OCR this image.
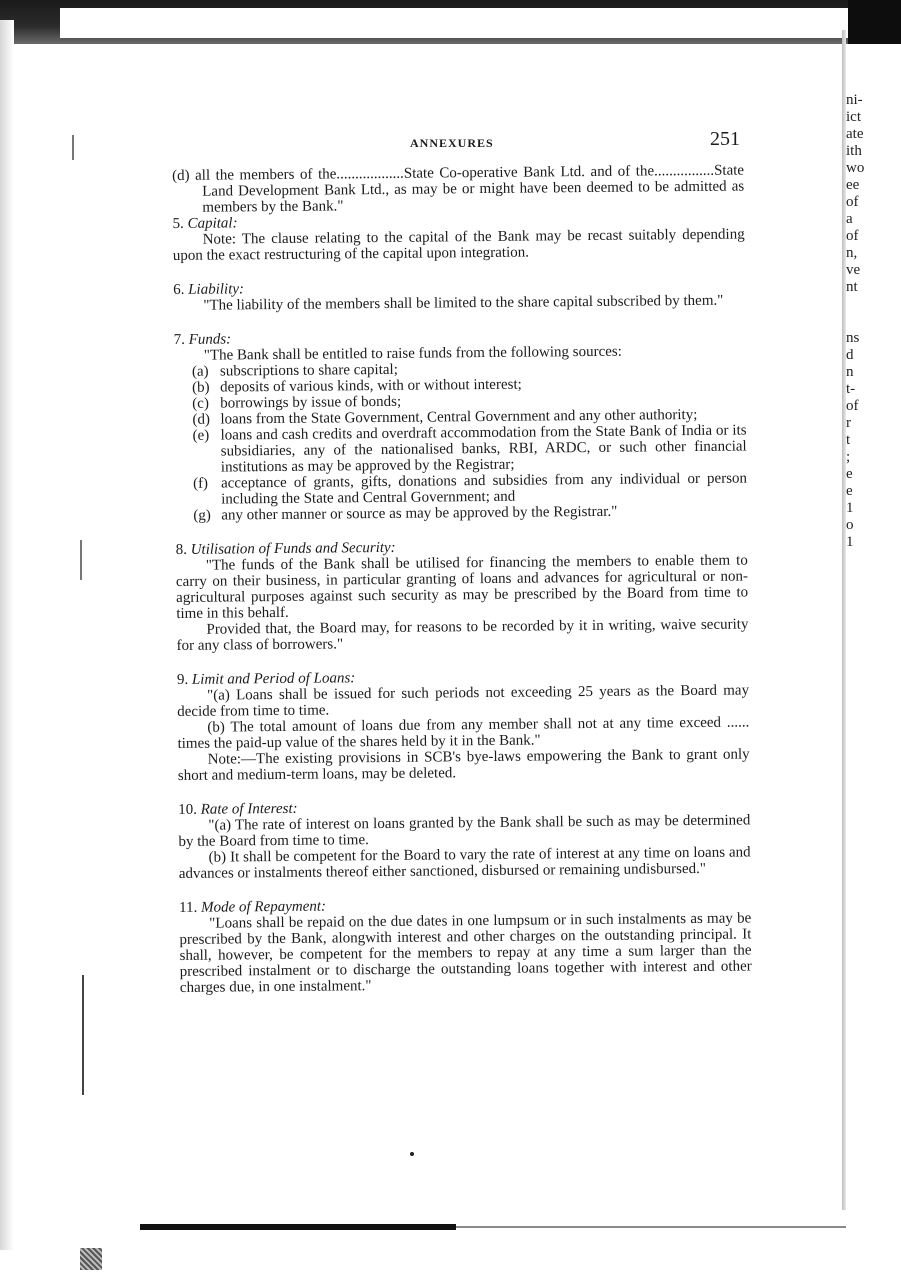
ni-
ict
ate
ith
wo
ee
of
a
of
n,
ve
nt
ns
d
n
t-
of
r
t
;
e
e
1
o
1
ANNEXURES	251

(d) all the members of the..................State Co-operative Bank Ltd. and of the................State Land Development Bank Ltd., as may be or might have been deemed to be admitted as members by the Bank."

5. Capital:

Note: The clause relating to the capital of the Bank may be recast suitably depending upon the exact restructuring of the capital upon integration.

6. Liability:

"The liability of the members shall be limited to the share capital subscribed by them."

7. Funds:

"The Bank shall be entitled to raise funds from the following sources:

(a) subscriptions to share capital;
(b) deposits of various kinds, with or without interest;
(c) borrowings by issue of bonds;
(d) loans from the State Government, Central Government and any other authority;
(e) loans and cash credits and overdraft accommodation from the State Bank of India or its subsidiaries, any of the nationalised banks, RBI, ARDC, or such other financial institutions as may be approved by the Registrar;
(f) acceptance of grants, gifts, donations and subsidies from any individual or person including the State and Central Government; and
(g) any other manner or source as may be approved by the Registrar."

8. Utilisation of Funds and Security:

"The funds of the Bank shall be utilised for financing the members to enable them to carry on their business, in particular granting of loans and advances for agricultural or non-agricultural purposes against such security as may be prescribed by the Board from time to time in this behalf.

Provided that, the Board may, for reasons to be recorded by it in writing, waive security for any class of borrowers."

9. Limit and Period of Loans:

"(a) Loans shall be issued for such periods not exceeding 25 years as the Board may decide from time to time.

(b) The total amount of loans due from any member shall not at any time exceed ...... times the paid-up value of the shares held by it in the Bank."

Note:—The existing provisions in SCB's bye-laws empowering the Bank to grant only short and medium-term loans, may be deleted.

10. Rate of Interest:

"(a) The rate of interest on loans granted by the Bank shall be such as may be determined by the Board from time to time.

(b) It shall be competent for the Board to vary the rate of interest at any time on loans and advances or instalments thereof either sanctioned, disbursed or remaining undisbursed."

11. Mode of Repayment:

"Loans shall be repaid on the due dates in one lumpsum or in such instalments as may be prescribed by the Bank, alongwith interest and other charges on the outstanding principal. It shall, however, be competent for the members to repay at any time a sum larger than the prescribed instalment or to discharge the outstanding loans together with interest and other charges due, in one instalment."
